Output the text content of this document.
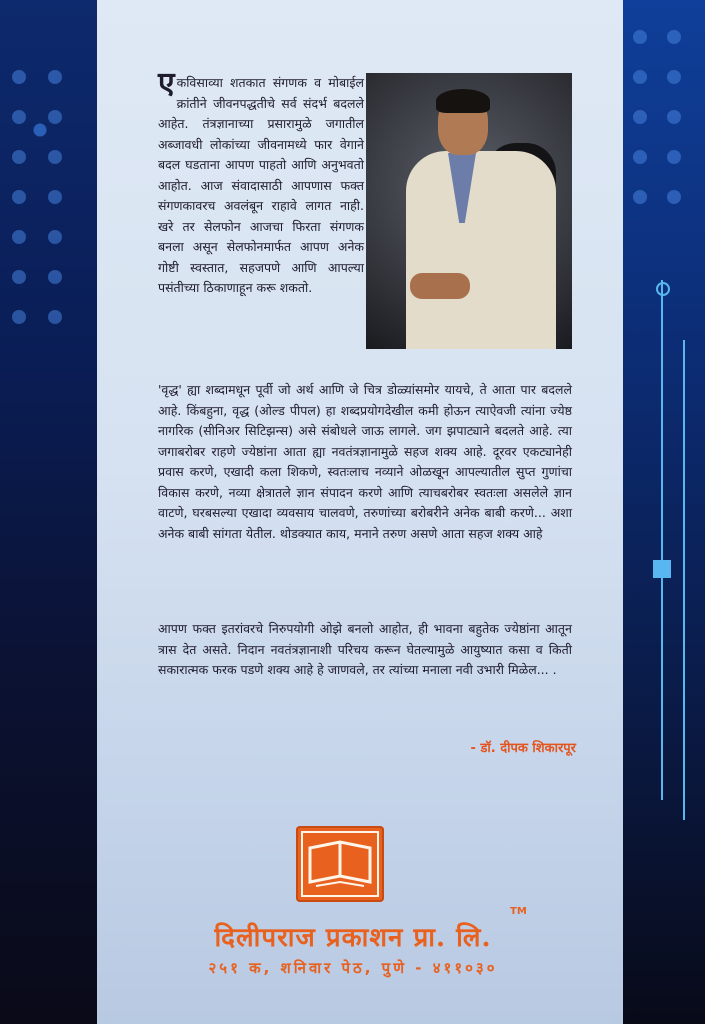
एकविसाव्या शतकात संगणक व मोबाईल क्रांतीने जीवनपद्धतीचे सर्व संदर्भ बदलले आहेत. तंत्रज्ञानाच्या प्रसारामुळे जगातील अब्जावधी लोकांच्या जीवनामध्ये फार वेगाने बदल घडताना आपण पाहतो आणि अनुभवतो आहोत. आज संवादासाठी आपणास फक्त संगणकावरच अवलंबून राहावे लागत नाही. खरे तर सेलफोन आजचा फिरता संगणक बनला असून सेलफोनमार्फत आपण अनेक गोष्टी स्वस्तात, सहजपणे आणि आपल्या पसंतीच्या ठिकाणाहून करू शकतो.
'वृद्ध' ह्या शब्दामधून पूर्वी जो अर्थ आणि जे चित्र डोळ्यांसमोर यायचे, ते आता पार बदलले आहे. किंबहुना, वृद्ध (ओल्ड पीपल) हा शब्दप्रयोगदेखील कमी होऊन त्याऐवजी त्यांना ज्येष्ठ नागरिक (सीनिअर सिटिझन्स) असे संबोधले जाऊ लागले. जग झपाट्याने बदलते आहे. त्या जगाबरोबर राहणे ज्येष्ठांना आता ह्या नवतंत्रज्ञानामुळे सहज शक्य आहे. दूरवर एकट्यानेही प्रवास करणे, एखादी कला शिकणे, स्वतःलाच नव्याने ओळखून आपल्यातील सुप्त गुणांचा विकास करणे, नव्या क्षेत्रातले ज्ञान संपादन करणे आणि त्याचबरोबर स्वतःला असलेले ज्ञान वाटणे, घरबसल्या एखादा व्यवसाय चालवणे, तरुणांच्या बरोबरीने अनेक बाबी करणे... अशा अनेक बाबी सांगता येतील. थोडक्यात काय, मनाने तरुण असणे आता सहज शक्य आहे
आपण फक्त इतरांवरचे निरुपयोगी ओझे बनलो आहोत, ही भावना बहुतेक ज्येष्ठांना आतून त्रास देत असते. निदान नवतंत्रज्ञानाशी परिचय करून घेतल्यामुळे आयुष्यात कसा व किती सकारात्मक फरक पडणे शक्य आहे हे जाणवले, तर त्यांच्या मनाला नवी उभारी मिळेल... .
- डॉ. दीपक शिकारपूर
दिलीपराज प्रकाशन प्रा. लि.
TM
२५१ क, शनिवार पेठ, पुणे - ४११०३०
